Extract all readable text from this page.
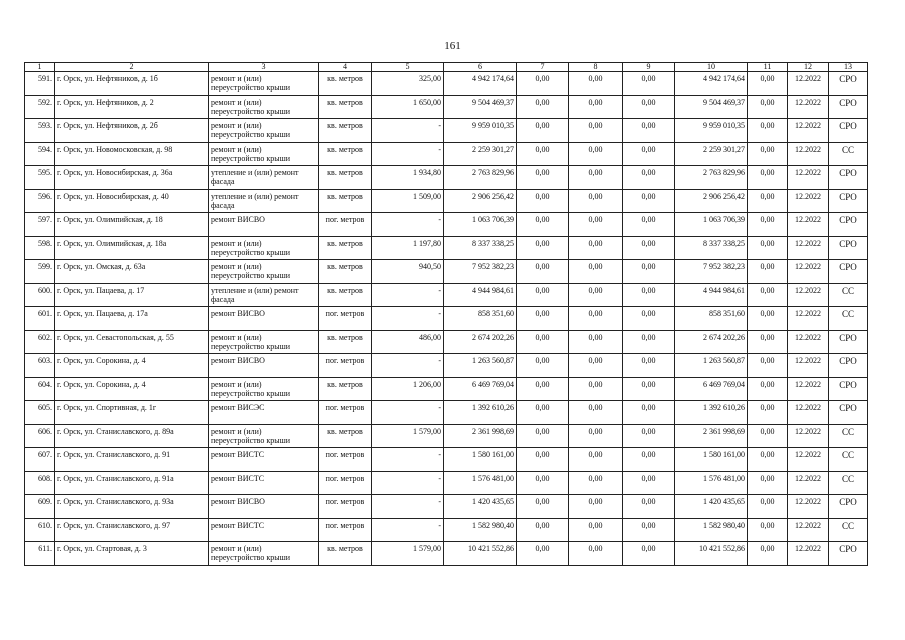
161
1	2	3	4	5	6	7	8	9	10	11	12	13
591.	г. Орск, ул. Нефтяников, д. 1б	ремонт и (или) переустройство крыши	кв. метров	325,00	4 942 174,64	0,00	0,00	0,00	4 942 174,64	0,00	12.2022	СРО
592.	г. Орск, ул. Нефтяников, д. 2	ремонт и (или) переустройство крыши	кв. метров	1 650,00	9 504 469,37	0,00	0,00	0,00	9 504 469,37	0,00	12.2022	СРО
593.	г. Орск, ул. Нефтяников, д. 2б	ремонт и (или) переустройство крыши	кв. метров	-	9 959 010,35	0,00	0,00	0,00	9 959 010,35	0,00	12.2022	СРО
594.	г. Орск, ул. Новомосковская, д. 98	ремонт и (или) переустройство крыши	кв. метров	-	2 259 301,27	0,00	0,00	0,00	2 259 301,27	0,00	12.2022	СС
595.	г. Орск, ул. Новосибирская, д. 36а	утепление и (или) ремонт фасада	кв. метров	1 934,80	2 763 829,96	0,00	0,00	0,00	2 763 829,96	0,00	12.2022	СРО
596.	г. Орск, ул. Новосибирская, д. 40	утепление и (или) ремонт фасада	кв. метров	1 509,00	2 906 256,42	0,00	0,00	0,00	2 906 256,42	0,00	12.2022	СРО
597.	г. Орск, ул. Олимпийская, д. 18	ремонт ВИСВО	пог. метров	-	1 063 706,39	0,00	0,00	0,00	1 063 706,39	0,00	12.2022	СРО
598.	г. Орск, ул. Олимпийская, д. 18а	ремонт и (или) переустройство крыши	кв. метров	1 197,80	8 337 338,25	0,00	0,00	0,00	8 337 338,25	0,00	12.2022	СРО
599.	г. Орск, ул. Омская, д. 63а	ремонт и (или) переустройство крыши	кв. метров	940,50	7 952 382,23	0,00	0,00	0,00	7 952 382,23	0,00	12.2022	СРО
600.	г. Орск, ул. Пацаева, д. 17	утепление и (или) ремонт фасада	кв. метров	-	4 944 984,61	0,00	0,00	0,00	4 944 984,61	0,00	12.2022	СС
601.	г. Орск, ул. Пацаева, д. 17а	ремонт ВИСВО	пог. метров	-	858 351,60	0,00	0,00	0,00	858 351,60	0,00	12.2022	СС
602.	г. Орск, ул. Севастопольская, д. 55	ремонт и (или) переустройство крыши	кв. метров	486,00	2 674 202,26	0,00	0,00	0,00	2 674 202,26	0,00	12.2022	СРО
603.	г. Орск, ул. Сорокина, д. 4	ремонт ВИСВО	пог. метров	-	1 263 560,87	0,00	0,00	0,00	1 263 560,87	0,00	12.2022	СРО
604.	г. Орск, ул. Сорокина, д. 4	ремонт и (или) переустройство крыши	кв. метров	1 206,00	6 469 769,04	0,00	0,00	0,00	6 469 769,04	0,00	12.2022	СРО
605.	г. Орск, ул. Спортивная, д. 1г	ремонт ВИСЭС	пог. метров	-	1 392 610,26	0,00	0,00	0,00	1 392 610,26	0,00	12.2022	СРО
606.	г. Орск, ул. Станиславского, д. 89а	ремонт и (или) переустройство крыши	кв. метров	1 579,00	2 361 998,69	0,00	0,00	0,00	2 361 998,69	0,00	12.2022	СС
607.	г. Орск, ул. Станиславского, д. 91	ремонт ВИСТС	пог. метров	-	1 580 161,00	0,00	0,00	0,00	1 580 161,00	0,00	12.2022	СС
608.	г. Орск, ул. Станиславского, д. 91а	ремонт ВИСТС	пог. метров	-	1 576 481,00	0,00	0,00	0,00	1 576 481,00	0,00	12.2022	СС
609.	г. Орск, ул. Станиславского, д. 93а	ремонт ВИСВО	пог. метров	-	1 420 435,65	0,00	0,00	0,00	1 420 435,65	0,00	12.2022	СРО
610.	г. Орск, ул. Станиславского, д. 97	ремонт ВИСТС	пог. метров	-	1 582 980,40	0,00	0,00	0,00	1 582 980,40	0,00	12.2022	СС
611.	г. Орск, ул. Стартовая, д. 3	ремонт и (или) переустройство крыши	кв. метров	1 579,00	10 421 552,86	0,00	0,00	0,00	10 421 552,86	0,00	12.2022	СРО
